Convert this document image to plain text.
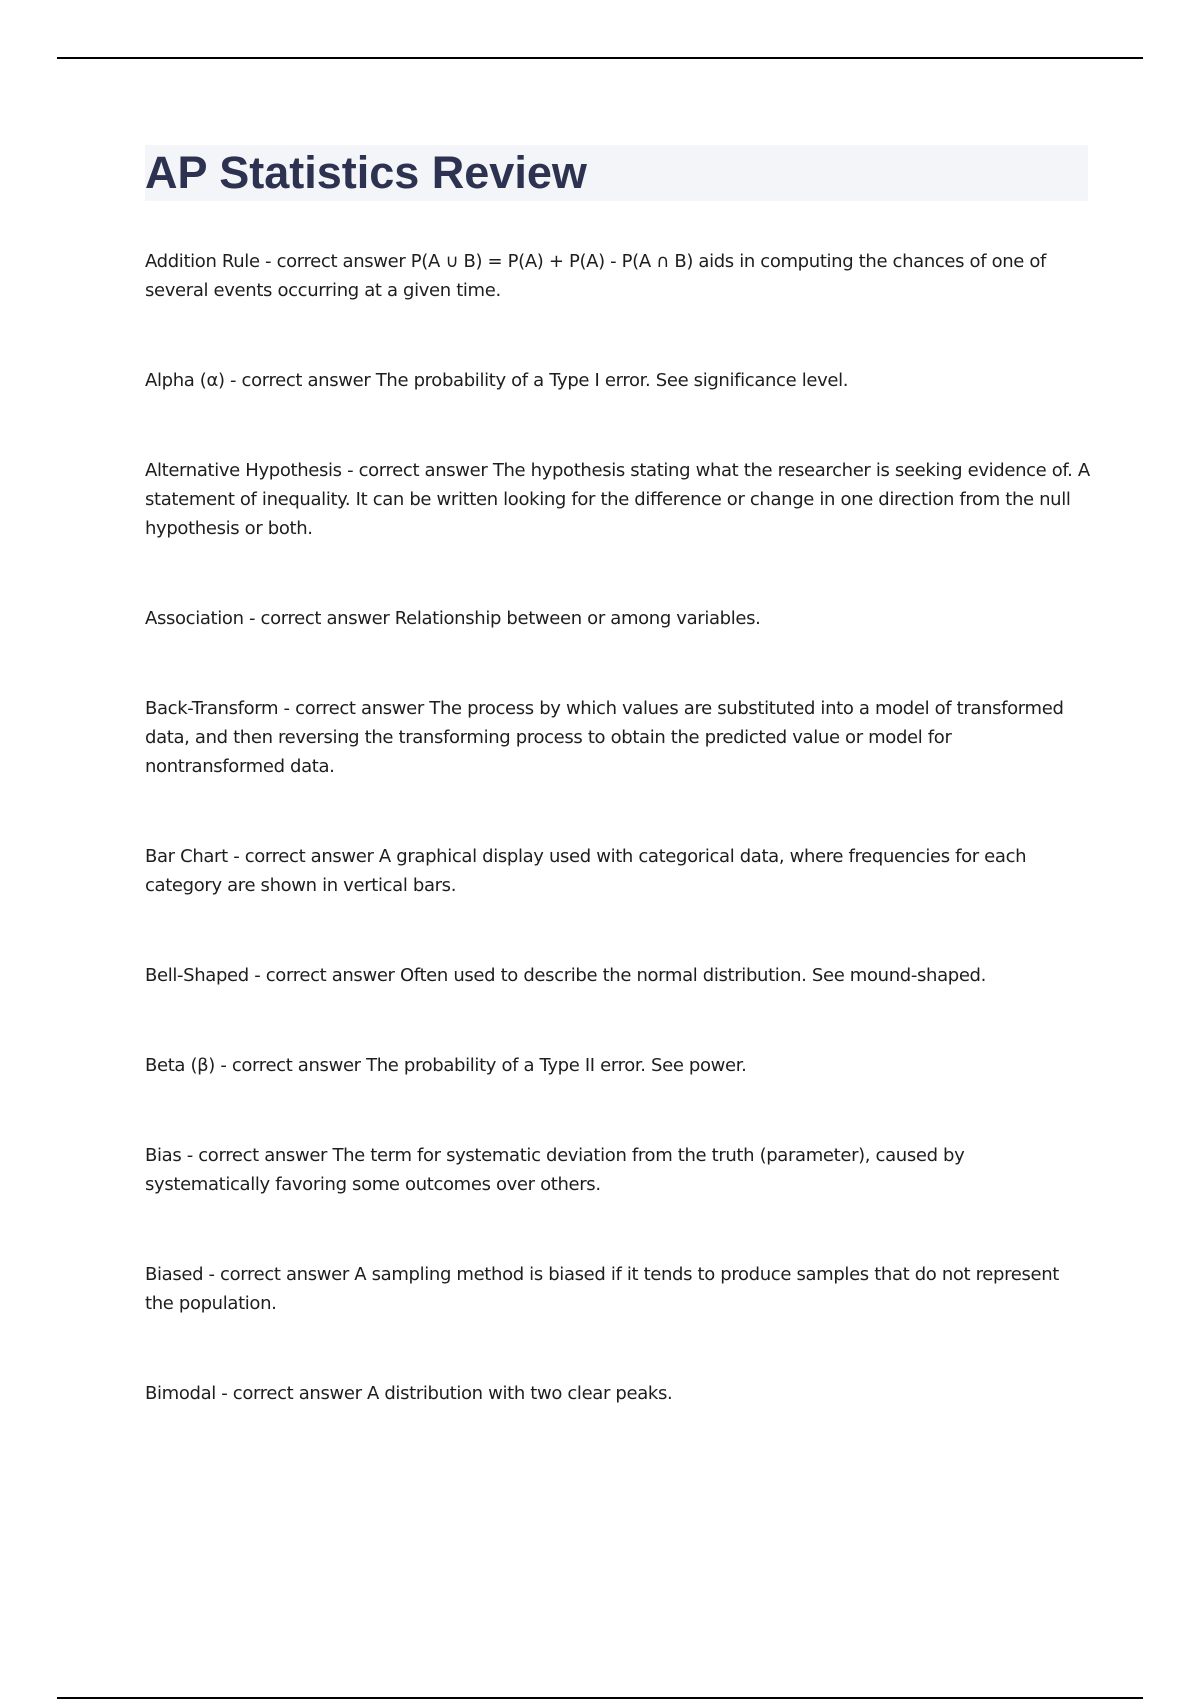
AP Statistics Review

Addition Rule - correct answer P(A ∪ B) = P(A) + P(A) - P(A ∩ B) aids in computing the chances of one of several events occurring at a given time.

Alpha (α) - correct answer The probability of a Type I error. See significance level.

Alternative Hypothesis - correct answer The hypothesis stating what the researcher is seeking evidence of. A statement of inequality. It can be written looking for the difference or change in one direction from the null hypothesis or both.

Association - correct answer Relationship between or among variables.

Back-Transform - correct answer The process by which values are substituted into a model of transformed data, and then reversing the transforming process to obtain the predicted value or model for nontransformed data.

Bar Chart - correct answer A graphical display used with categorical data, where frequencies for each category are shown in vertical bars.

Bell-Shaped - correct answer Often used to describe the normal distribution. See mound-shaped.

Beta (β) - correct answer The probability of a Type II error. See power.

Bias - correct answer The term for systematic deviation from the truth (parameter), caused by systematically favoring some outcomes over others.

Biased - correct answer A sampling method is biased if it tends to produce samples that do not represent the population.

Bimodal - correct answer A distribution with two clear peaks.
